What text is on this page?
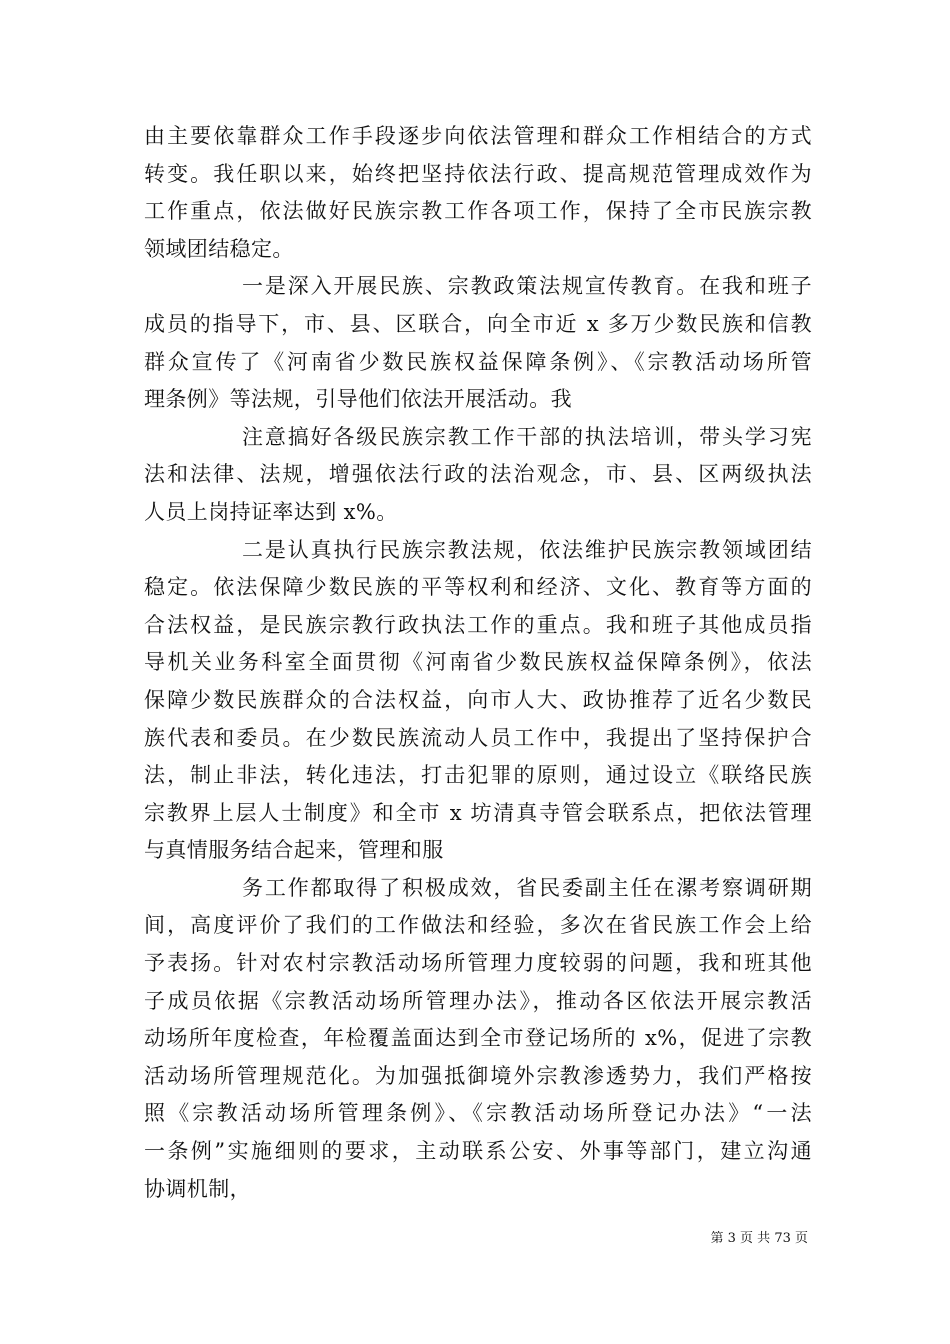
由主要依靠群众工作手段逐步向依法管理和群众工作相结合的方式
转变。我任职以来，始终把坚持依法行政、提高规范管理成效作为
工作重点，依法做好民族宗教工作各项工作，保持了全市民族宗教
领域团结稳定。
一是深入开展民族、宗教政策法规宣传教育。在我和班子
成员的指导下，市、县、区联合，向全市近 x 多万少数民族和信教
群众宣传了《河南省少数民族权益保障条例》、《宗教活动场所管
理条例》等法规，引导他们依法开展活动。我
注意搞好各级民族宗教工作干部的执法培训，带头学习宪
法和法律、法规，增强依法行政的法治观念，市、县、区两级执法
人员上岗持证率达到 x%。
二是认真执行民族宗教法规，依法维护民族宗教领域团结
稳定。依法保障少数民族的平等权利和经济、文化、教育等方面的
合法权益，是民族宗教行政执法工作的重点。我和班子其他成员指
导机关业务科室全面贯彻《河南省少数民族权益保障条例》，依法
保障少数民族群众的合法权益，向市人大、政协推荐了近名少数民
族代表和委员。在少数民族流动人员工作中，我提出了坚持保护合
法，制止非法，转化违法，打击犯罪的原则，通过设立《联络民族
宗教界上层人士制度》和全市 x 坊清真寺管会联系点，把依法管理
与真情服务结合起来，管理和服
务工作都取得了积极成效，省民委副主任在漯考察调研期
间，高度评价了我们的工作做法和经验，多次在省民族工作会上给
予表扬。针对农村宗教活动场所管理力度较弱的问题，我和班其他
子成员依据《宗教活动场所管理办法》，推动各区依法开展宗教活
动场所年度检查，年检覆盖面达到全市登记场所的 x%，促进了宗教
活动场所管理规范化。为加强抵御境外宗教渗透势力，我们严格按
照《宗教活动场所管理条例》、《宗教活动场所登记办法》“一法
一条例”实施细则的要求，主动联系公安、外事等部门，建立沟通
协调机制，
第 3 页 共 73 页
